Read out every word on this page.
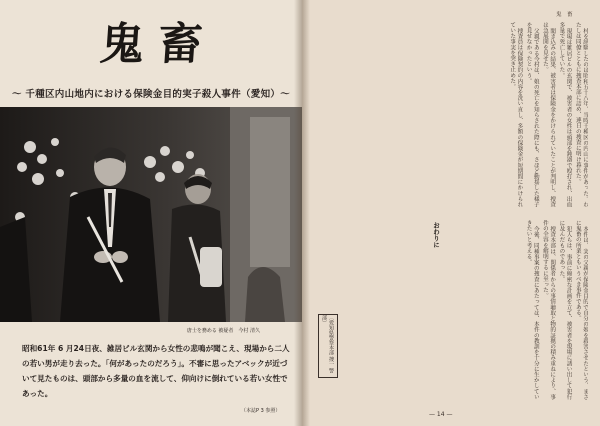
鬼畜
～ 千種区内山地内における保険金目的実子殺人事件（愛知）～
唐士を務める 被疑者　今村 清久
昭和61年 6 月24日夜、雑居ビル玄関から女性の悲鳴が聞こえ、現場から二人
の若い男が走り去った。「何があったのだろう」。不審に思ったアベックが近づ
いて見たものは、頭部から多量の血を流して、仰向けに倒れている若い女性で
あった。
（本誌P 3 参照）
鬼　畜

村を経験したのは昭和五十八年、当時千種区の内山に事件があった。わたしは同僚とともに捜査本部に詰め、連日の捜査に明け暮れた。

現場は雑居ビルの玄関で、被害者の女性は頭部を鈍器で殴打され、出血多量で死亡していた。

聞き込みの結果、被害者は保険金をかけられていたことが判明し、捜査は急展開を見せた。

父親である今村は、娘の死亡を知らされた際にも、さほど動揺した様子を見せなかったという。

捜査員は保険契約の内容を洗い直し、多額の保険金が短期間にかけられていた事実を突き止めた。

本件は、実の父親が保険金目的で自分の娘を殺害させたという、まさに鬼畜の所業ともいうべき事件である。

犯人らは、事前に綿密な計画を立て、被害者を現場に誘い出して犯行に及んだものであった。

捜査本部は、関係者からの事情聴取と物的証拠の積み重ねにより、事件の全容を解明するに至った。

今後、同種事案の捜査にあたっては、本件の教訓を十分に生かしていきたいと考える。

おわりに
〔愛知県警察本部 捜一 警部〕
— 14 —
